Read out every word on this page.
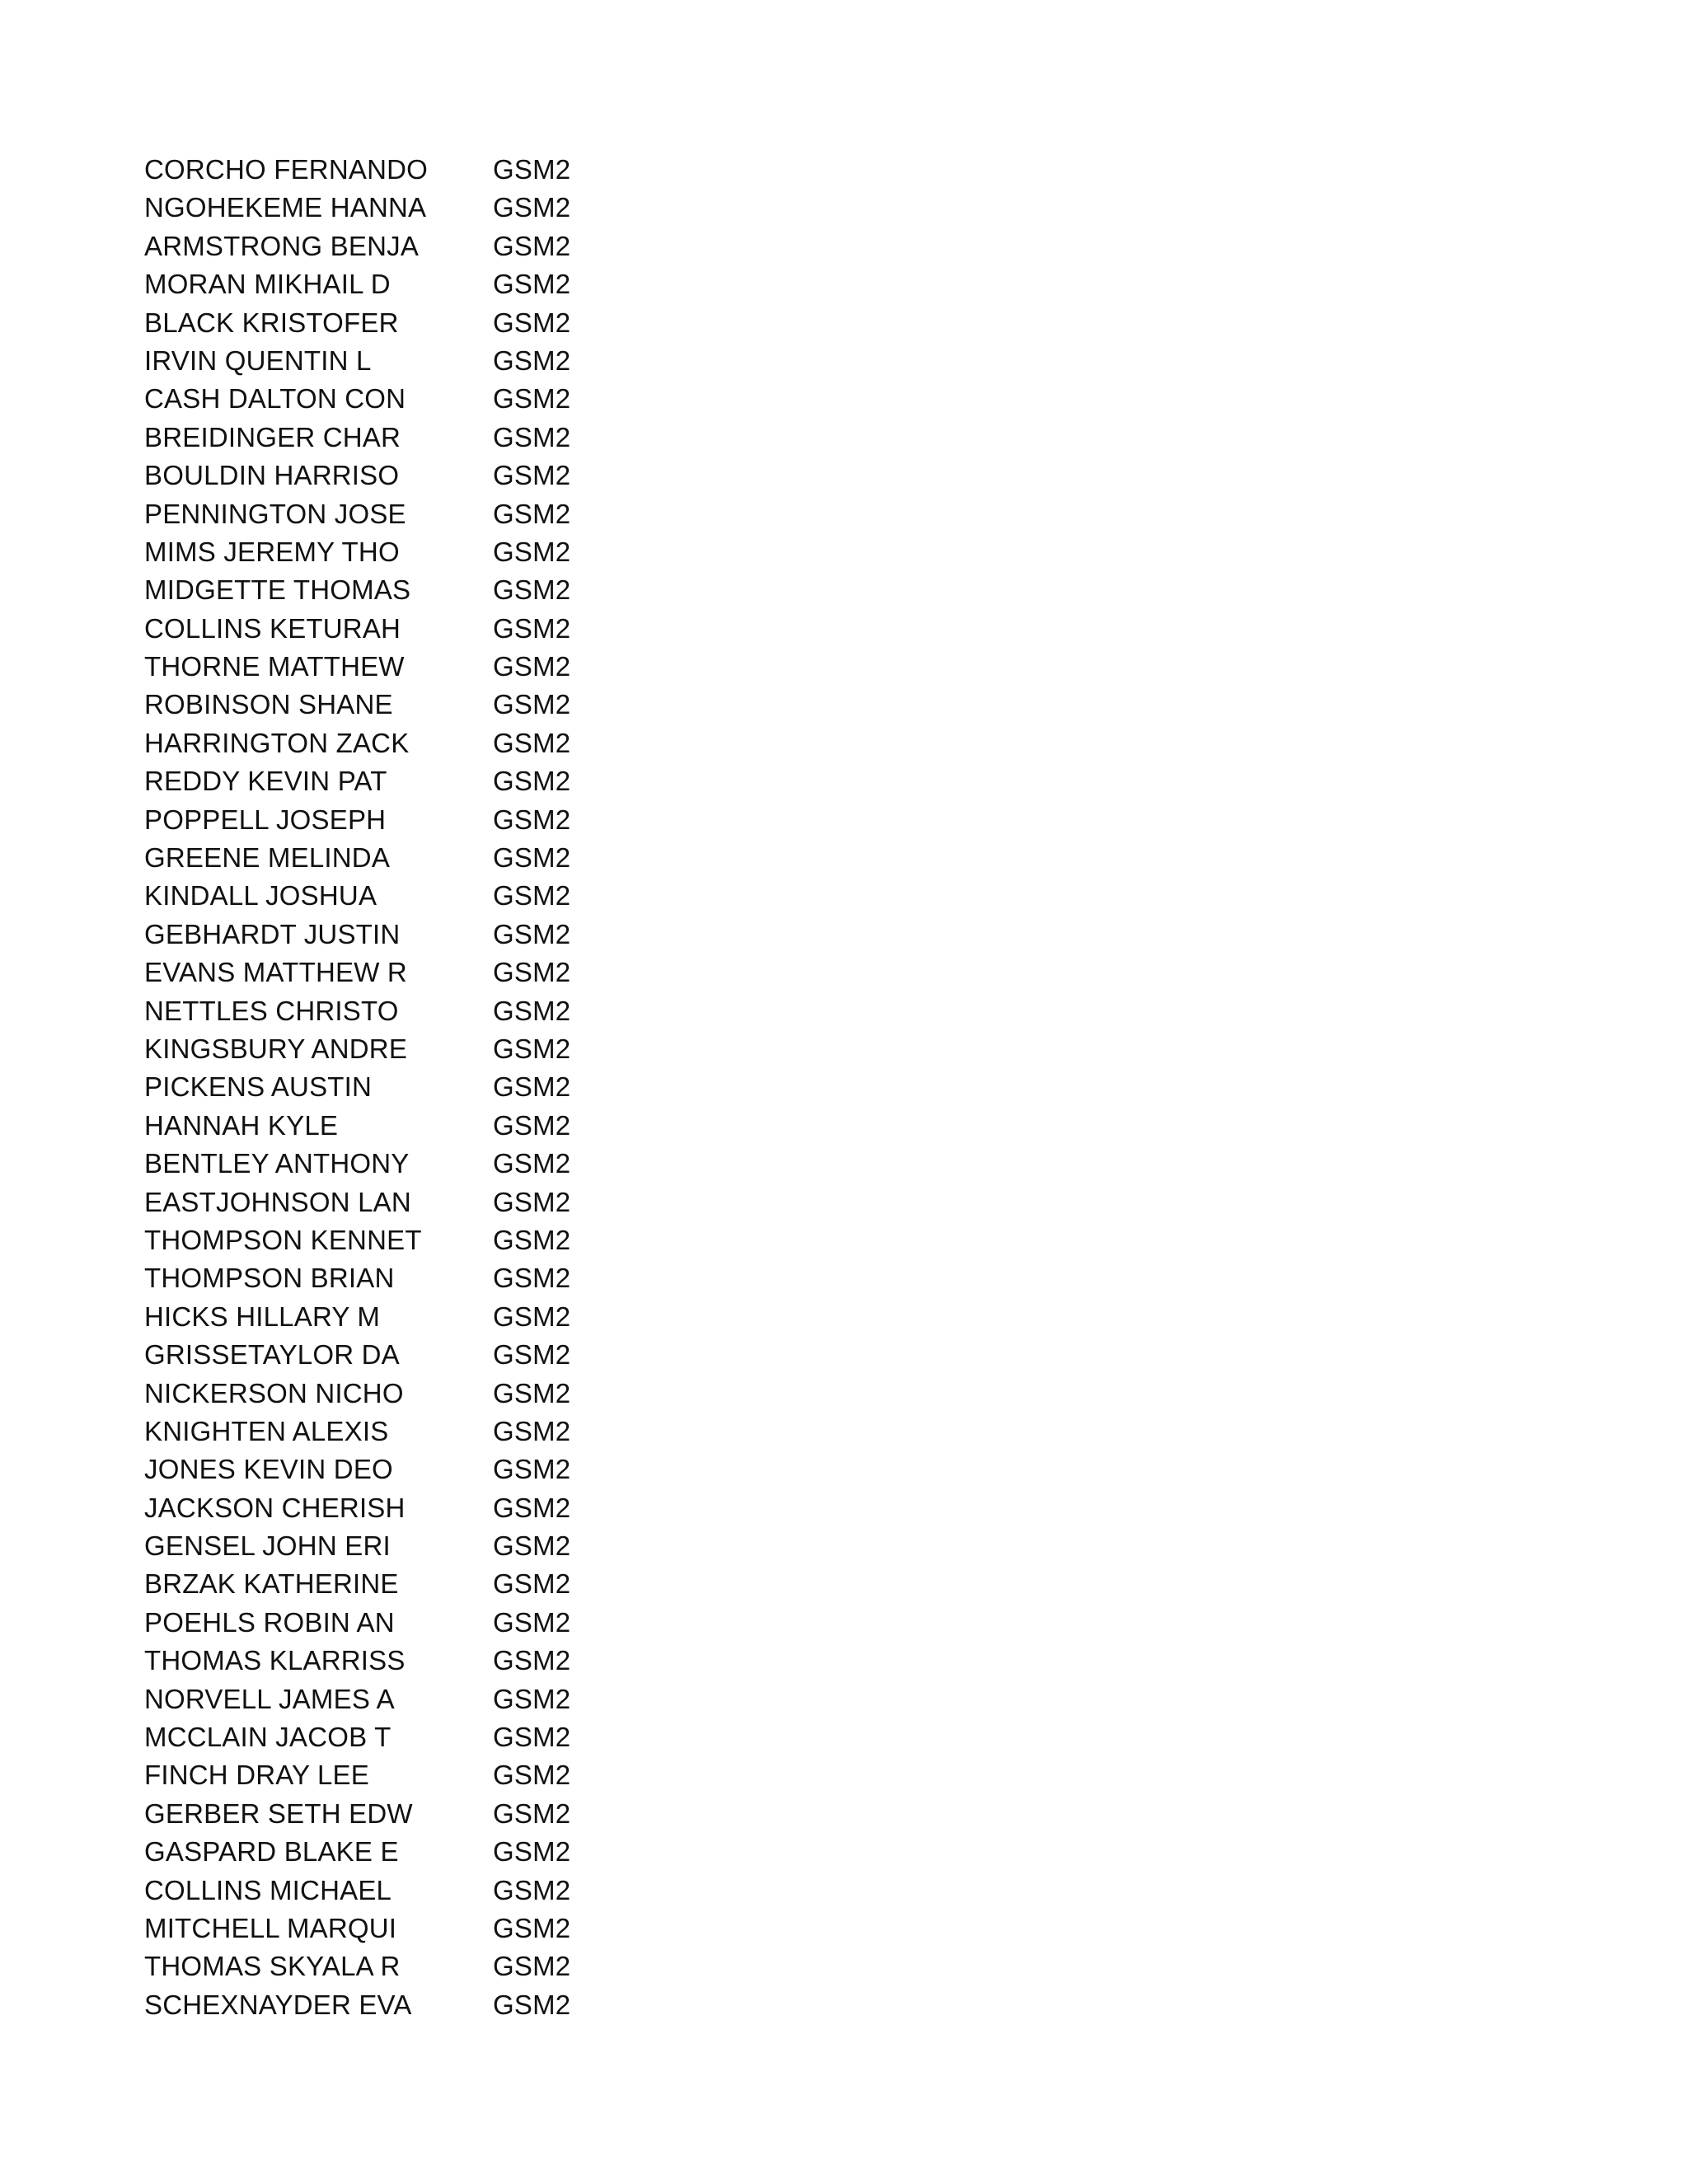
CORCHO FERNANDO	GSM2
NGOHEKEME HANNA	GSM2
ARMSTRONG BENJA	GSM2
MORAN MIKHAIL D	GSM2
BLACK KRISTOFER	GSM2
IRVIN QUENTIN L	GSM2
CASH DALTON CON	GSM2
BREIDINGER CHAR	GSM2
BOULDIN HARRISO	GSM2
PENNINGTON JOSE	GSM2
MIMS JEREMY THO	GSM2
MIDGETTE THOMAS	GSM2
COLLINS KETURAH	GSM2
THORNE MATTHEW	GSM2
ROBINSON SHANE	GSM2
HARRINGTON ZACK	GSM2
REDDY KEVIN PAT	GSM2
POPPELL JOSEPH	GSM2
GREENE MELINDA	GSM2
KINDALL JOSHUA	GSM2
GEBHARDT JUSTIN	GSM2
EVANS MATTHEW R	GSM2
NETTLES CHRISTO	GSM2
KINGSBURY ANDRE	GSM2
PICKENS AUSTIN	GSM2
HANNAH KYLE	GSM2
BENTLEY ANTHONY	GSM2
EASTJOHNSON LAN	GSM2
THOMPSON KENNET	GSM2
THOMPSON BRIAN	GSM2
HICKS HILLARY M	GSM2
GRISSETAYLOR DA	GSM2
NICKERSON NICHO	GSM2
KNIGHTEN ALEXIS	GSM2
JONES KEVIN DEO	GSM2
JACKSON CHERISH	GSM2
GENSEL JOHN ERI	GSM2
BRZAK KATHERINE	GSM2
POEHLS ROBIN AN	GSM2
THOMAS KLARRISS	GSM2
NORVELL JAMES A	GSM2
MCCLAIN JACOB T	GSM2
FINCH DRAY LEE	GSM2
GERBER SETH EDW	GSM2
GASPARD BLAKE E	GSM2
COLLINS MICHAEL	GSM2
MITCHELL MARQUI	GSM2
THOMAS SKYALA R	GSM2
SCHEXNAYDER EVA	GSM2
